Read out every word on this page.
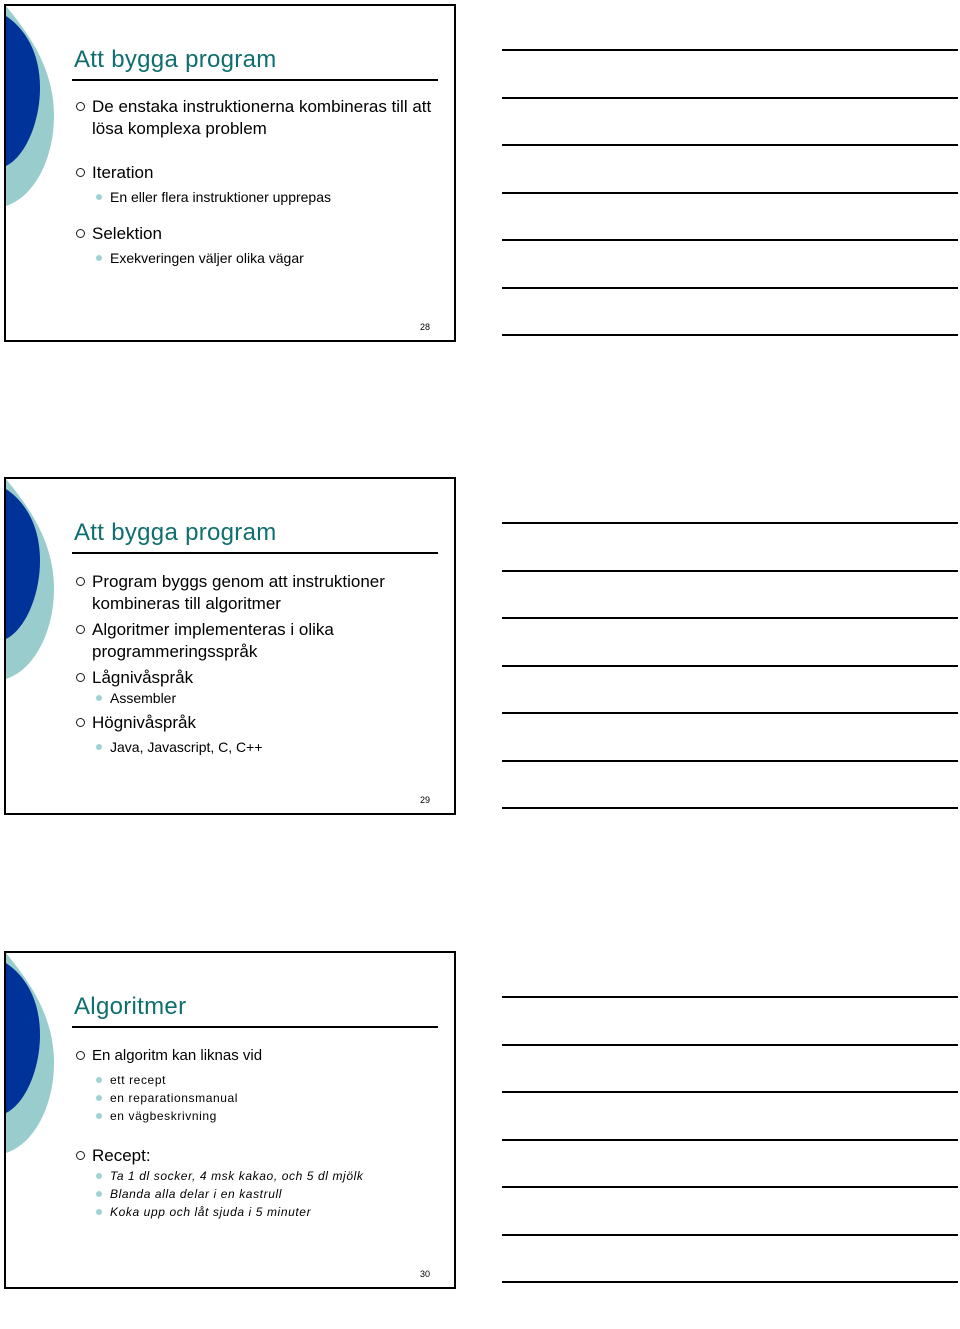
Att bygga program
De enstaka instruktionerna kombineras till att lösa komplexa problem
Iteration
En eller flera instruktioner upprepas
Selektion
Exekveringen väljer olika vägar
28
Att bygga program
Program byggs genom att instruktioner kombineras till algoritmer
Algoritmer implementeras i olika programmeringsspråk
Lågnivåspråk
Assembler
Högnivåspråk
Java, Javascript, C, C++
29
Algoritmer
En algoritm kan liknas vid
ett recept
en reparationsmanual
en vägbeskrivning
Recept:
Ta 1 dl socker, 4 msk kakao, och 5 dl mjölk
Blanda alla delar i en kastrull
Koka upp och låt sjuda i 5 minuter
30
